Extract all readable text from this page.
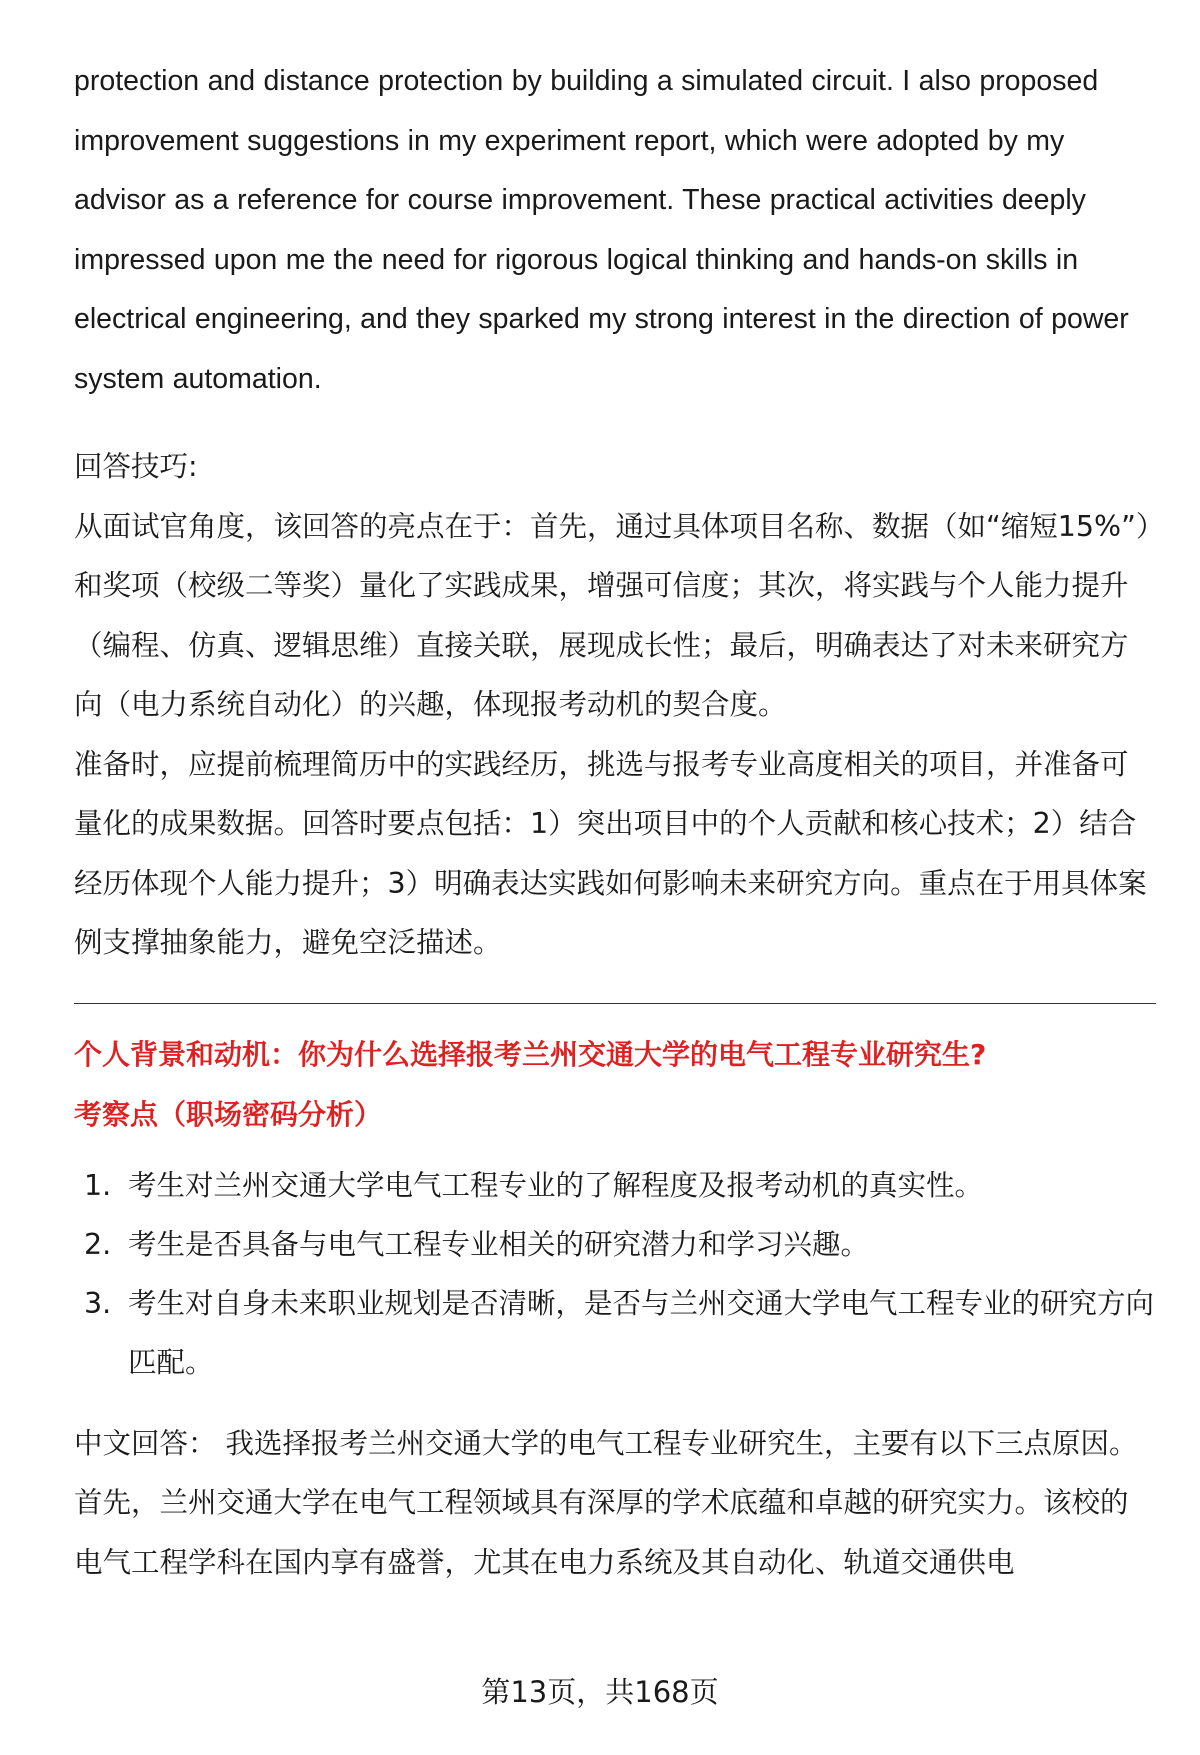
protection and distance protection by building a simulated circuit. I also proposed improvement suggestions in my experiment report, which were adopted by my advisor as a reference for course improvement. These practical activities deeply impressed upon me the need for rigorous logical thinking and hands-on skills in electrical engineering, and they sparked my strong interest in the direction of power system automation.

回答技巧:

从面试官角度，该回答的亮点在于：首先，通过具体项目名称、数据（如“缩短15%”）和奖项（校级二等奖）量化了实践成果，增强可信度；其次，将实践与个人能力提升（编程、仿真、逻辑思维）直接关联，展现成长性；最后，明确表达了对未来研究方向（电力系统自动化）的兴趣，体现报考动机的契合度。

准备时，应提前梳理简历中的实践经历，挑选与报考专业高度相关的项目，并准备可量化的成果数据。回答时要点包括：1）突出项目中的个人贡献和核心技术；2）结合经历体现个人能力提升；3）明确表达实践如何影响未来研究方向。重点在于用具体案例支撑抽象能力，避免空泛描述。

个人背景和动机：你为什么选择报考兰州交通大学的电气工程专业研究生?

考察点（职场密码分析）

1. 考生对兰州交通大学电气工程专业的了解程度及报考动机的真实性。
2. 考生是否具备与电气工程专业相关的研究潜力和学习兴趣。
3. 考生对自身未来职业规划是否清晰，是否与兰州交通大学电气工程专业的研究方向匹配。

中文回答： 我选择报考兰州交通大学的电气工程专业研究生，主要有以下三点原因。首先，兰州交通大学在电气工程领域具有深厚的学术底蕴和卓越的研究实力。该校的电气工程学科在国内享有盛誉，尤其在电力系统及其自动化、轨道交通供电

第13页，共168页
